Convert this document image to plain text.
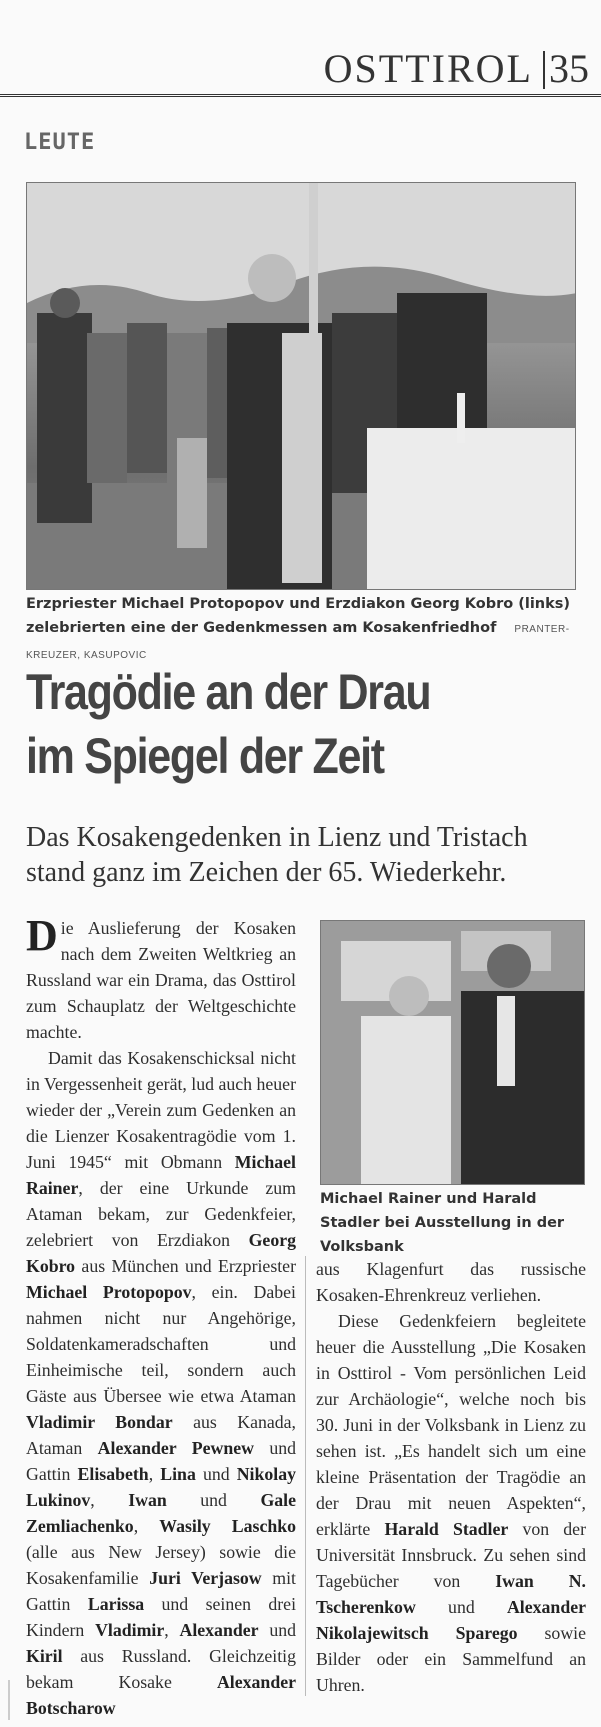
OSTTIROL 35
LEUTE
Erzpriester Michael Protopopov und Erzdiakon Georg Kobro (links) zelebrierten eine der Gedenkmessen am Kosakenfriedhof PRANTER-KREUZER, KASUPOVIC
Tragödie an der Drau
im Spiegel der Zeit
Das Kosakengedenken in Lienz und Tristach stand ganz im Zeichen der 65. Wiederkehr.
Michael Rainer und Harald Stadler bei Ausstellung in der Volksbank

Die Auslieferung der Kosaken nach dem Zweiten Weltkrieg an Russland war ein Drama, das Osttirol zum Schauplatz der Weltgeschichte machte.

Damit das Kosakenschicksal nicht in Vergessenheit gerät, lud auch heuer wieder der „Verein zum Gedenken an die Lienzer Kosakentragödie vom 1. Juni 1945“ mit Obmann Michael Rainer, der eine Urkunde zum Ataman bekam, zur Gedenkfeier, zelebriert von Erzdiakon Georg Kobro aus München und Erzpriester Michael Protopopov, ein. Dabei nahmen nicht nur Angehörige, Soldatenkameradschaften und Einheimische teil, sondern auch Gäste aus Übersee wie etwa Ataman Vladimir Bondar aus Kanada, Ataman Alexander Pewnew und Gattin Elisabeth, Lina und Nikolay Lukinov, Iwan und Gale Zemliachenko, Wasily Laschko (alle aus New Jersey) sowie die Kosakenfamilie Juri Verjasow mit Gattin Larissa und seinen drei Kindern Vladimir, Alexander und Kiril aus Russland. Gleichzeitig bekam Kosake Alexander Botscharow

aus Klagenfurt das russische Kosaken-Ehrenkreuz verliehen.

Diese Gedenkfeiern begleitete heuer die Ausstellung „Die Kosaken in Osttirol - Vom persönlichen Leid zur Archäologie“, welche noch bis 30. Juni in der Volksbank in Lienz zu sehen ist. „Es handelt sich um eine kleine Präsentation der Tragödie an der Drau mit neuen Aspekten“, erklärte Harald Stadler von der Universität Innsbruck. Zu sehen sind Tagebücher von Iwan N. Tscherenkow und Alexander Nikolajewitsch Sparego sowie Bilder oder ein Sammelfund an Uhren.
